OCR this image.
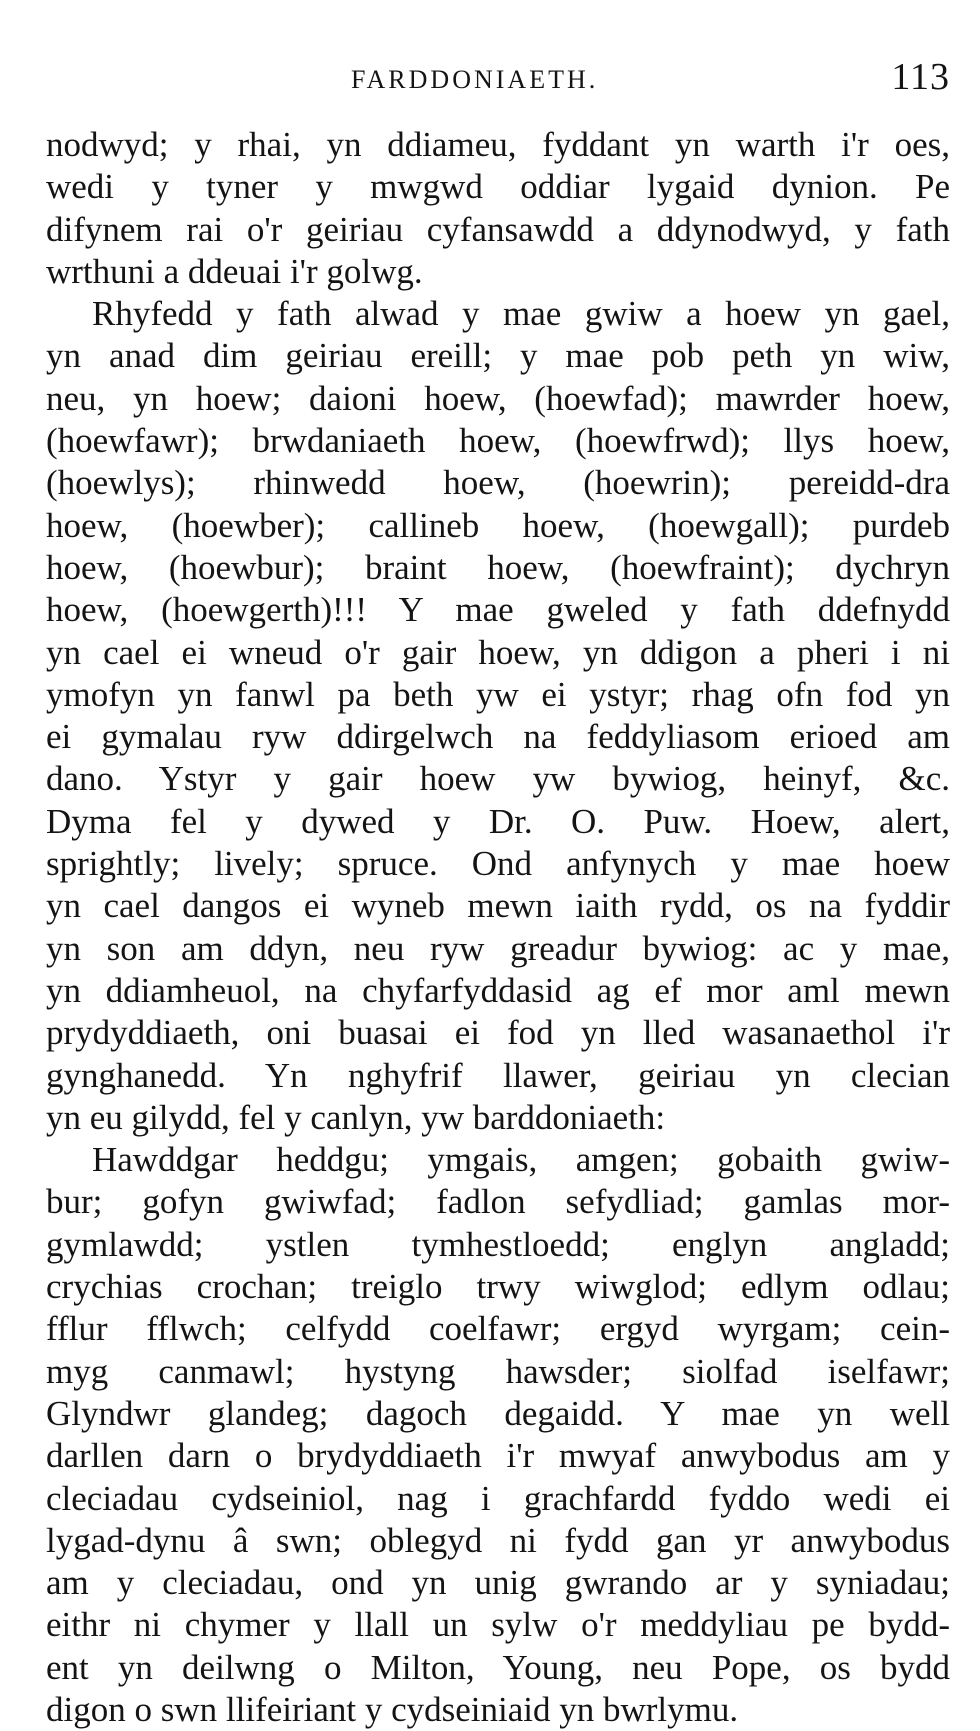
FARDDONIAETH.	113
nodwyd; y rhai, yn ddiameu, fyddant yn warth i'r oes,
wedi y tyner y mwgwd oddiar lygaid dynion. Pe
difynem rai o'r geiriau cyfansawdd a ddynodwyd, y fath
wrthuni a ddeuai i'r golwg.
Rhyfedd y fath alwad y mae gwiw a hoew yn gael,
yn anad dim geiriau ereill; y mae pob peth yn wiw,
neu, yn hoew; daioni hoew, (hoewfad); mawrder hoew,
(hoewfawr); brwdaniaeth hoew, (hoewfrwd); llys hoew,
(hoewlys); rhinwedd hoew, (hoewrin); pereidd-dra
hoew, (hoewber); callineb hoew, (hoewgall); purdeb
hoew, (hoewbur); braint hoew, (hoewfraint); dychryn
hoew, (hoewgerth)!!! Y mae gweled y fath ddefnydd
yn cael ei wneud o'r gair hoew, yn ddigon a pheri i ni
ymofyn yn fanwl pa beth yw ei ystyr; rhag ofn fod yn
ei gymalau ryw ddirgelwch na feddyliasom erioed am
dano. Ystyr y gair hoew yw bywiog, heinyf, &c.
Dyma fel y dywed y Dr. O. Puw. Hoew, alert,
sprightly; lively; spruce. Ond anfynych y mae hoew
yn cael dangos ei wyneb mewn iaith rydd, os na fyddir
yn son am ddyn, neu ryw greadur bywiog: ac y mae,
yn ddiamheuol, na chyfarfyddasid ag ef mor aml mewn
prydyddiaeth, oni buasai ei fod yn lled wasanaethol i'r
gynghanedd. Yn nghyfrif llawer, geiriau yn clecian
yn eu gilydd, fel y canlyn, yw barddoniaeth:
Hawddgar heddgu; ymgais, amgen; gobaith gwiw-
bur; gofyn gwiwfad; fadlon sefydliad; gamlas mor-
gymlawdd; ystlen tymhestloedd; englyn angladd;
crychias crochan; treiglo trwy wiwglod; edlym odlau;
fflur fflwch; celfydd coelfawr; ergyd wyrgam; cein-
myg canmawl; hystyng hawsder; siolfad iselfawr;
Glyndwr glandeg; dagoch degaidd. Y mae yn well
darllen darn o brydyddiaeth i'r mwyaf anwybodus am y
cleciadau cydseiniol, nag i grachfardd fyddo wedi ei
lygad-dynu â swn; oblegyd ni fydd gan yr anwybodus
am y cleciadau, ond yn unig gwrando ar y syniadau;
eithr ni chymer y llall un sylw o'r meddyliau pe bydd-
ent yn deilwng o Milton, Young, neu Pope, os bydd
digon o swn llifeiriant y cydseiniaid yn bwrlymu.
